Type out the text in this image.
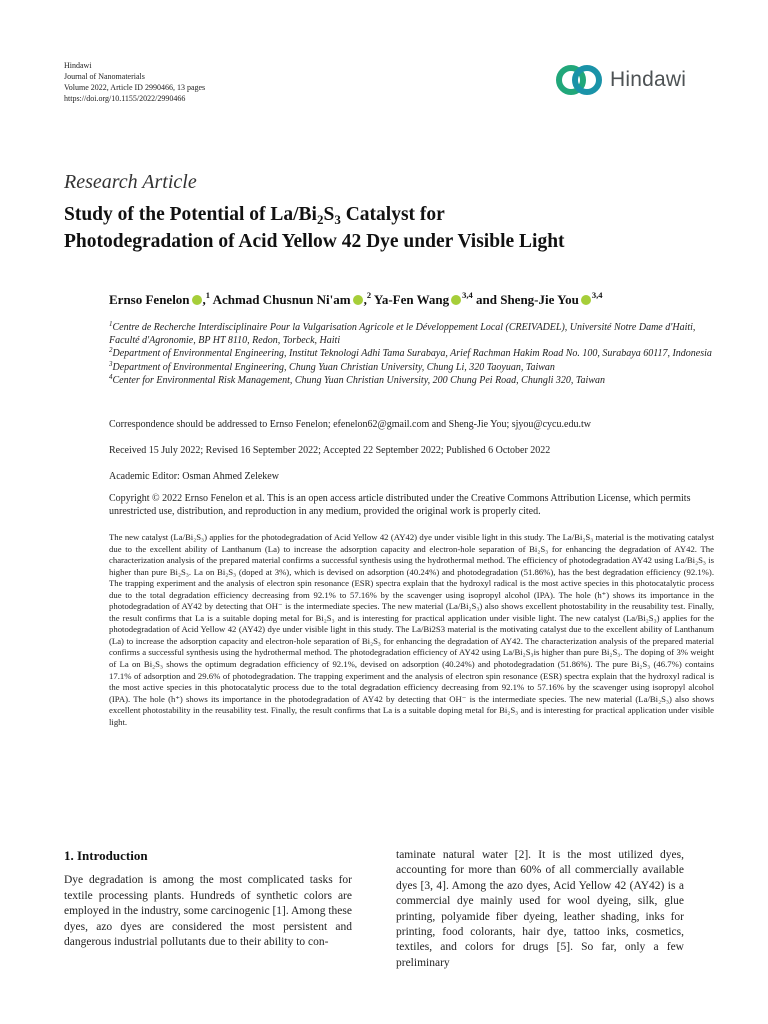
Hindawi
Journal of Nanomaterials
Volume 2022, Article ID 2990466, 13 pages
https://doi.org/10.1155/2022/2990466
Hindawi
Research Article
Study of the Potential of $La/Bi_2S_3$ Catalyst for
Photodegradation of Acid Yellow 42 Dye under Visible Light
Ernso Fenelon ,$^1$ Achmad Chusnun Ni'am ,$^2$ Ya-Fen Wang $^{3,4}$ and Sheng-Jie You $^{3,4}$

$^1$Centre de Recherche Interdisciplinaire Pour la Vulgarisation Agricole et le Développement Local (CREIVADEL), Université Notre Dame d'Haiti, Faculté d'Agronomie, BP HT 8110, Redon, Torbeck, Haiti

$^2$Department of Environmental Engineering, Institut Teknologi Adhi Tama Surabaya, Arief Rachman Hakim Road No. 100, Surabaya 60117, Indonesia

$^3$Department of Environmental Engineering, Chung Yuan Christian University, Chung Li, 320 Taoyuan, Taiwan

$^4$Center for Environmental Risk Management, Chung Yuan Christian University, 200 Chung Pei Road, Chungli 320, Taiwan

Correspondence should be addressed to Ernso Fenelon; efenelon62@gmail.com and Sheng-Jie You; sjyou@cycu.edu.tw
Received 15 July 2022; Revised 16 September 2022; Accepted 22 September 2022; Published 6 October 2022
Academic Editor: Osman Ahmed Zelekew
Copyright © 2022 Ernso Fenelon et al. This is an open access article distributed under the Creative Commons Attribution License, which permits unrestricted use, distribution, and reproduction in any medium, provided the original work is properly cited.
The new catalyst (La/Bi₂S₃) applies for the photodegradation of Acid Yellow 42 (AY42) dye under visible light in this study. The La/Bi₂S₃ material is the motivating catalyst due to the excellent ability of Lanthanum (La) to increase the adsorption capacity and electron-hole separation of Bi₂S₃ for enhancing the degradation of AY42. The characterization analysis of the prepared material confirms a successful synthesis using the hydrothermal method. The efficiency of photodegradation AY42 using La/Bi₂S₃ is higher than pure Bi₂S₃. La on Bi₂S₃ (doped at 3%), which is devised on adsorption (40.24%) and photodegradation (51.86%), has the best degradation efficiency (92.1%). The trapping experiment and the analysis of electron spin resonance (ESR) spectra explain that the hydroxyl radical is the most active species in this photocatalytic process due to the total degradation efficiency decreasing from 92.1% to 57.16% by the scavenger using isopropyl alcohol (IPA). The hole (h⁺) shows its importance in the photodegradation of AY42 by detecting that OH⁻ is the intermediate species. The new material (La/Bi₂S₃) also shows excellent photostability in the reusability test. Finally, the result confirms that La is a suitable doping metal for Bi₂S₃ and is interesting for practical application under visible light. The new catalyst (La/Bi₂S₃) applies for the photodegradation of Acid Yellow 42 (AY42) dye under visible light in this study. The La/Bi2S3 material is the motivating catalyst due to the excellent ability of Lanthanum (La) to increase the adsorption capacity and electron-hole separation of Bi₂S₃ for enhancing the degradation of AY42. The characterization analysis of the prepared material confirms a successful synthesis using the hydrothermal method. The photodegradation efficiency of AY42 using La/Bi₂S₃is higher than pure Bi₂S₃. The doping of 3% weight of La on Bi₂S₃ shows the optimum degradation efficiency of 92.1%, devised on adsorption (40.24%) and photodegradation (51.86%). The pure Bi₂S₃ (46.7%) contains 17.1% of adsorption and 29.6% of photodegradation. The trapping experiment and the analysis of electron spin resonance (ESR) spectra explain that the hydroxyl radical is the most active species in this photocatalytic process due to the total degradation efficiency decreasing from 92.1% to 57.16% by the scavenger using isopropyl alcohol (IPA). The hole (h⁺) shows its importance in the photodegradation of AY42 by detecting that OH⁻ is the intermediate species. The new material (La/Bi₂S₃) also shows excellent photostability in the reusability test. Finally, the result confirms that La is a suitable doping metal for Bi₂S₃ and is interesting for practical application under visible light.
1. Introduction

Dye degradation is among the most complicated tasks for textile processing plants. Hundreds of synthetic colors are employed in the industry, some carcinogenic [1]. Among these dyes, azo dyes are considered the most persistent and dangerous industrial pollutants due to their ability to con-

taminate natural water [2]. It is the most utilized dyes, accounting for more than 60% of all commercially available dyes [3, 4]. Among the azo dyes, Acid Yellow 42 (AY42) is a commercial dye mainly used for wool dyeing, silk, glue printing, polyamide fiber dyeing, leather shading, inks for printing, food colorants, hair dye, tattoo inks, cosmetics, textiles, and colors for drugs [5]. So far, only a few preliminary
